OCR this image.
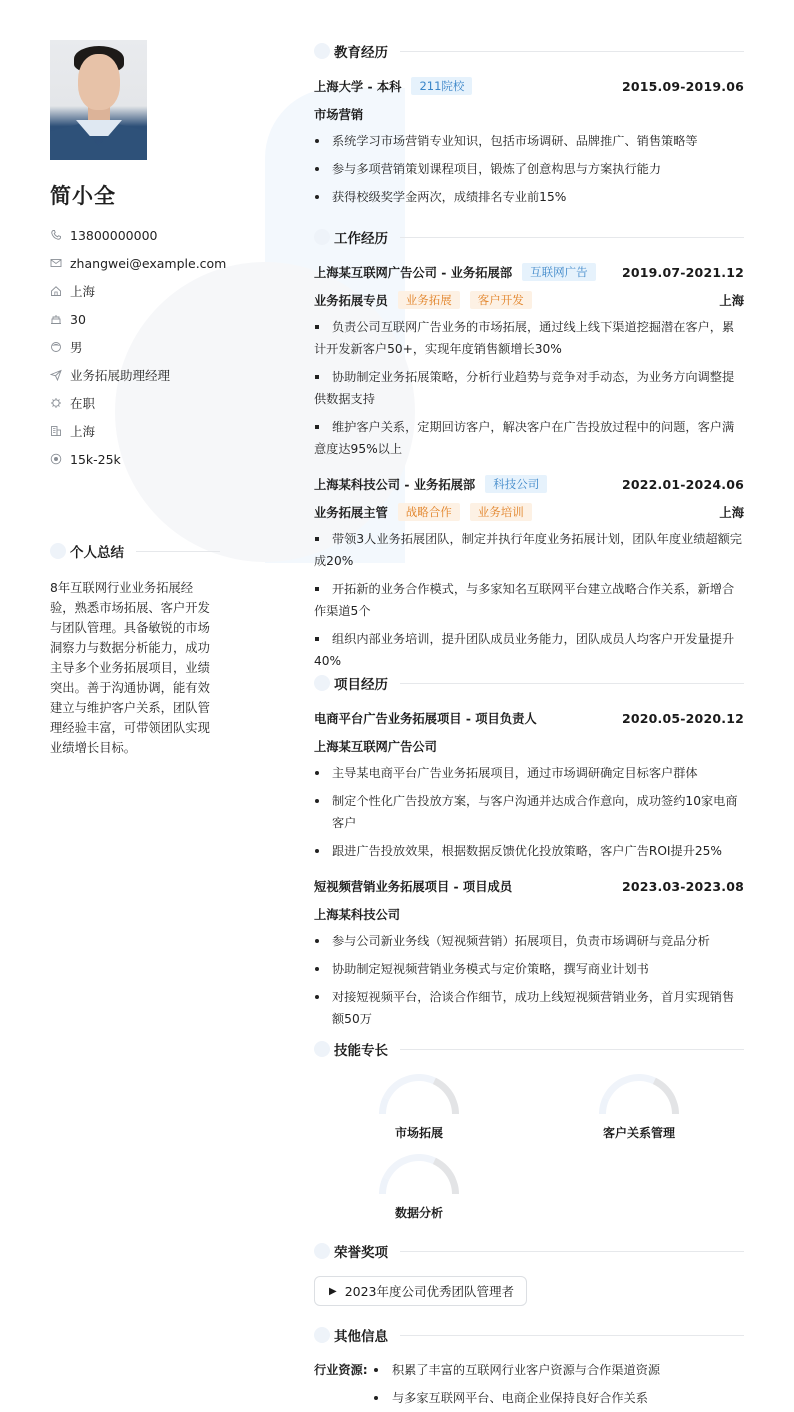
简小全
13800000000
zhangwei@example.com
上海
30
男
业务拓展助理经理
在职
上海
15k-25k
个人总结
8年互联网行业业务拓展经验，熟悉市场拓展、客户开发与团队管理。具备敏锐的市场洞察力与数据分析能力，成功主导多个业务拓展项目，业绩突出。善于沟通协调，能有效建立与维护客户关系，团队管理经验丰富，可带领团队实现业绩增长目标。
教育经历
上海大学 - 本科	211院校	2015.09-2019.06
市场营销
系统学习市场营销专业知识，包括市场调研、品牌推广、销售策略等
参与多项营销策划课程项目，锻炼了创意构思与方案执行能力
获得校级奖学金两次，成绩排名专业前15%
工作经历
上海某互联网广告公司 - 业务拓展部	互联网广告	2019.07-2021.12
业务拓展专员	业务拓展	客户开发	上海
负责公司互联网广告业务的市场拓展，通过线上线下渠道挖掘潜在客户，累计开发新客户50+，实现年度销售额增长30%
协助制定业务拓展策略，分析行业趋势与竞争对手动态，为业务方向调整提供数据支持
维护客户关系，定期回访客户，解决客户在广告投放过程中的问题，客户满意度达95%以上
上海某科技公司 - 业务拓展部	科技公司	2022.01-2024.06
业务拓展主管	战略合作	业务培训	上海
带领3人业务拓展团队，制定并执行年度业务拓展计划，团队年度业绩超额完成20%
开拓新的业务合作模式，与多家知名互联网平台建立战略合作关系，新增合作渠道5个
组织内部业务培训，提升团队成员业务能力，团队成员人均客户开发量提升40%
项目经历
电商平台广告业务拓展项目 - 项目负责人	2020.05-2020.12
上海某互联网广告公司
主导某电商平台广告业务拓展项目，通过市场调研确定目标客户群体
制定个性化广告投放方案，与客户沟通并达成合作意向，成功签约10家电商客户
跟进广告投放效果，根据数据反馈优化投放策略，客户广告ROI提升25%
短视频营销业务拓展项目 - 项目成员	2023.03-2023.08
上海某科技公司
参与公司新业务线（短视频营销）拓展项目，负责市场调研与竞品分析
协助制定短视频营销业务模式与定价策略，撰写商业计划书
对接短视频平台，洽谈合作细节，成功上线短视频营销业务，首月实现销售额50万
技能专长
市场拓展	客户关系管理
数据分析
荣誉奖项
▶ 2023年度公司优秀团队管理者
其他信息
行业资源:	积累了丰富的互联网行业客户资源与合作渠道资源
与多家互联网平台、电商企业保持良好合作关系
